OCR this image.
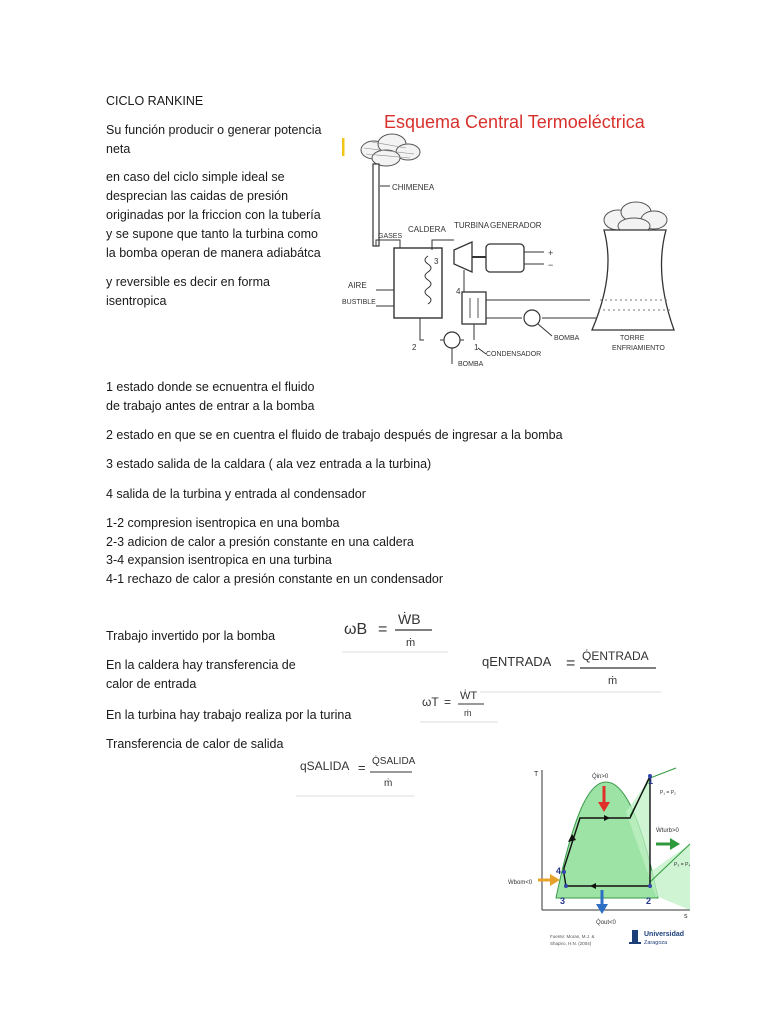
CICLO RANKINE
Su función producir o generar potencia
neta
en caso del ciclo simple ideal se
desprecian las caidas de presión
originadas por la friccion con la tubería
y se supone que tanto la turbina como
la bomba operan de manera adiabátca
y reversible es decir en forma
isentropica
1 estado donde se ecnuentra el fluido
de trabajo antes de entrar a la bomba
2 estado en que se en cuentra el fluido de trabajo después de ingresar a la bomba
3 estado salida de la caldara ( ala vez entrada a la turbina)
4 salida de la turbina y entrada al condensador
1-2 compresion isentropica en una bomba
2-3 adicion de calor a presión constante en una caldera
3-4 expansion isentropica en una turbina
4-1 rechazo de calor a presión constante en un condensador
Trabajo invertido por la bomba
En la caldera hay transferencia de
calor de entrada
En la turbina hay trabajo realiza por la turina
Transferencia de calor de salida
ωB =
ẆB
ṁ
qENTRADA = Q̇ENTRADA
ṁ
ωT = ẆT
ṁ
qSALIDA = Q̇SALIDA
ṁ
Esquema Central Termoeléctrica
CHIMENEA
GASES
CALDERA
3
AIRE
BUSTIBLE
TURBINA GENERADOR
+
−
4
CONDENSADOR
BOMBA	TORRE ENFRIAMIENTO
1
2
BOMBA
T
s
1
2
3
4
Q̇in>0
Q̇out<0
Ẇturb>0
Ẇbom<0
P₁ = P₂
P₃ = P₄
Fuente: Moran, M.J. & Shapiro, H.N. (2004)
Universidad Zaragoza
